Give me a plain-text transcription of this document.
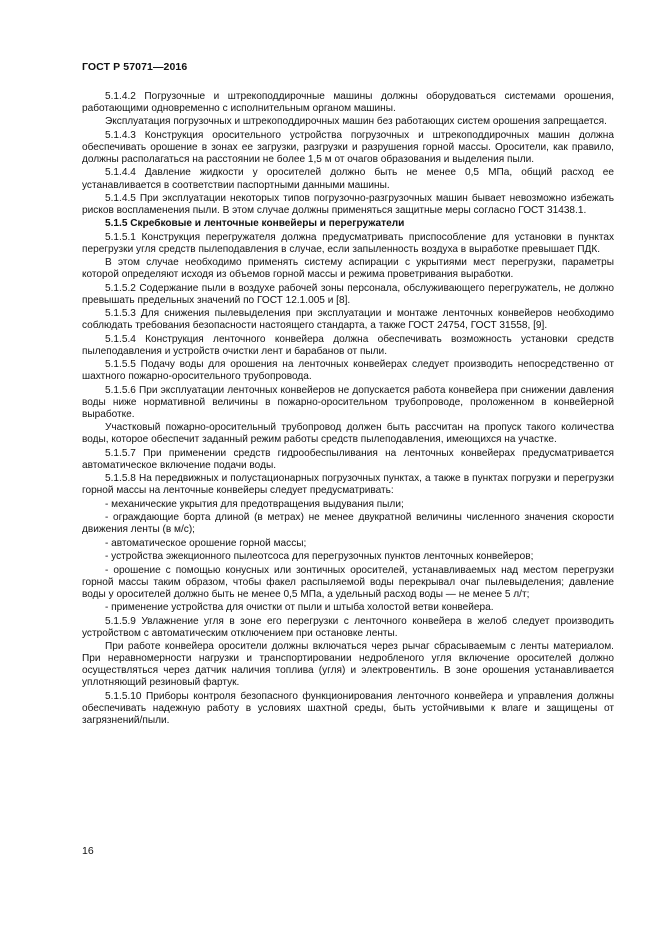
ГОСТ Р 57071—2016

5.1.4.2 Погрузочные и штрекоподдирочные машины должны оборудоваться системами орошения, работающими одновременно с исполнительным органом машины.

Эксплуатация погрузочных и штрекоподдирочных машин без работающих систем орошения запрещается.

5.1.4.3 Конструкция оросительного устройства погрузочных и штрекоподдирочных машин должна обеспечивать орошение в зонах ее загрузки, разгрузки и разрушения горной массы. Оросители, как правило, должны располагаться на расстоянии не более 1,5 м от очагов образования и выделения пыли.

5.1.4.4 Давление жидкости у оросителей должно быть не менее 0,5 МПа, общий расход ее устанавливается в соответствии паспортными данными машины.

5.1.4.5 При эксплуатации некоторых типов погрузочно-разгрузочных машин бывает невозможно избежать рисков воспламенения пыли. В этом случае должны применяться защитные меры согласно ГОСТ 31438.1.

5.1.5 Скребковые и ленточные конвейеры и перегружатели

5.1.5.1 Конструкция перегружателя должна предусматривать приспособление для установки в пунктах перегрузки угля средств пылеподавления в случае, если запыленность воздуха в выработке превышает ПДК.

В этом случае необходимо применять систему аспирации с укрытиями мест перегрузки, параметры которой определяют исходя из объемов горной массы и режима проветривания выработки.

5.1.5.2 Содержание пыли в воздухе рабочей зоны персонала, обслуживающего перегружатель, не должно превышать предельных значений по ГОСТ 12.1.005 и [8].

5.1.5.3 Для снижения пылевыделения при эксплуатации и монтаже ленточных конвейеров необходимо соблюдать требования безопасности настоящего стандарта, а также ГОСТ 24754, ГОСТ 31558, [9].

5.1.5.4 Конструкция ленточного конвейера должна обеспечивать возможность установки средств пылеподавления и устройств очистки лент и барабанов от пыли.

5.1.5.5 Подачу воды для орошения на ленточных конвейерах следует производить непосредственно от шахтного пожарно-оросительного трубопровода.

5.1.5.6 При эксплуатации ленточных конвейеров не допускается работа конвейера при снижении давления воды ниже нормативной величины в пожарно-оросительном трубопроводе, проложенном в конвейерной выработке.

Участковый пожарно-оросительный трубопровод должен быть рассчитан на пропуск такого количества воды, которое обеспечит заданный режим работы средств пылеподавления, имеющихся на участке.

5.1.5.7 При применении средств гидрообеспыливания на ленточных конвейерах предусматривается автоматическое включение подачи воды.

5.1.5.8 На передвижных и полустационарных погрузочных пунктах, а также в пунктах погрузки и перегрузки горной массы на ленточные конвейеры следует предусматривать:

- механические укрытия для предотвращения выдувания пыли;

- ограждающие борта длиной (в метрах) не менее двукратной величины численного значения скорости движения ленты (в м/с);

- автоматическое орошение горной массы;

- устройства эжекционного пылеотсоса для перегрузочных пунктов ленточных конвейеров;

- орошение с помощью конусных или зонтичных оросителей, устанавливаемых над местом перегрузки горной массы таким образом, чтобы факел распыляемой воды перекрывал очаг пылевыделения; давление воды у оросителей должно быть не менее 0,5 МПа, а удельный расход воды — не менее 5 л/т;

- применение устройства для очистки от пыли и штыба холостой ветви конвейера.

5.1.5.9 Увлажнение угля в зоне его перегрузки с ленточного конвейера в желоб следует производить устройством с автоматическим отключением при остановке ленты.

При работе конвейера оросители должны включаться через рычаг сбрасываемым с ленты материалом. При неравномерности нагрузки и транспортировании недробленого угля включение оросителей должно осуществляться через датчик наличия топлива (угля) и электровентиль. В зоне орошения устанавливается уплотняющий резиновый фартук.

5.1.5.10 Приборы контроля безопасного функционирования ленточного конвейера и управления должны обеспечивать надежную работу в условиях шахтной среды, быть устойчивыми к влаге и защищены от загрязнений/пыли.

16
